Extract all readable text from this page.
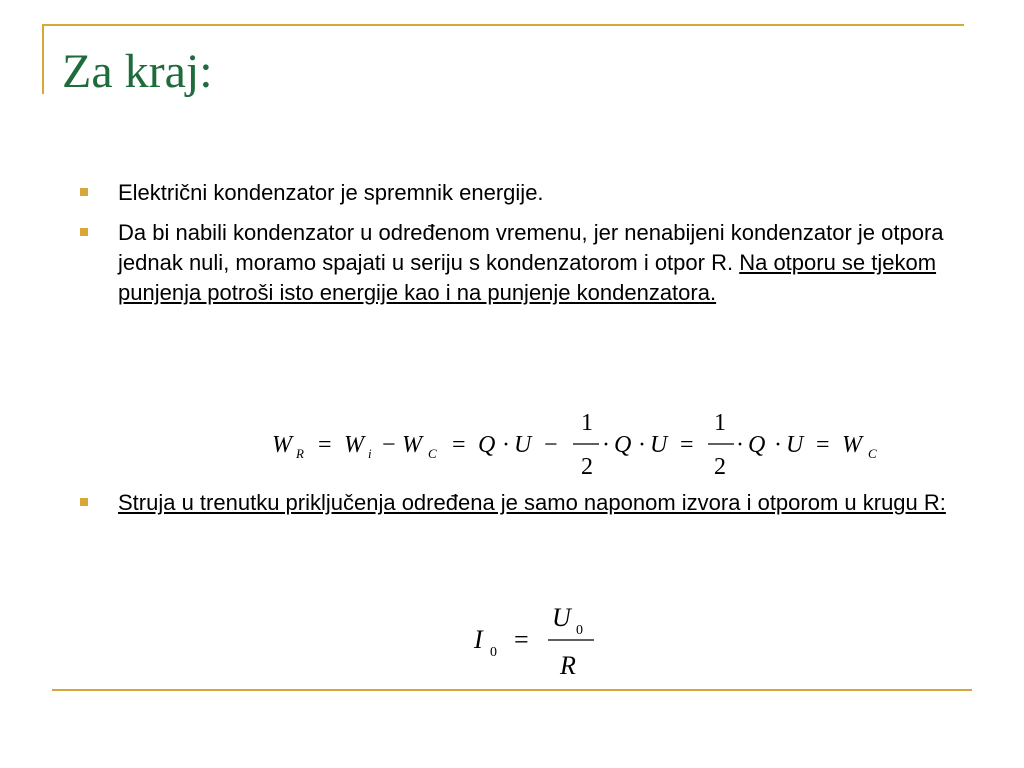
Za kraj:
Električni kondenzator je spremnik energije.
Da bi nabili kondenzator u određenom vremenu, jer nenabijeni kondenzator je otpora jednak nuli, moramo spajati u seriju s kondenzatorom i otpor R. Na otporu se tjekom punjenja potroši isto energije kao i na punjenje kondenzatora.
W R = W i − W C = Q · U −
1
2
· Q · U =
1
2
· Q · U = W C
Struja u trenutku priključenja određena je samo naponom izvora i otporom u krugu R:
I 0 =
U 0
R
